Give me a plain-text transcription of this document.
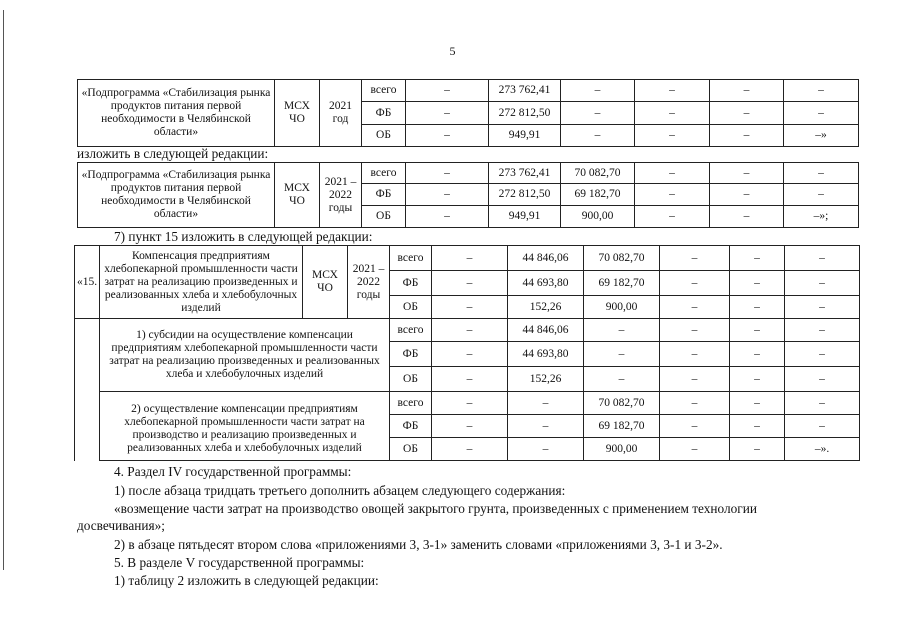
5
«Подпрограмма «Стабилизация рынка продуктов питания первой необходимости в Челябинской области»	МСХ ЧО	2021 год	всего	–	273 762,41	–	–	–	–
			ФБ	–	272 812,50	–	–	–	–
			ОБ	–	949,91	–	–	–	–»
изложить в следующей редакции:
«Подпрограмма «Стабилизация рынка продуктов питания первой необходимости в Челябинской области»	МСХ ЧО	2021 – 2022 годы	всего	–	273 762,41	70 082,70	–	–	–
			ФБ	–	272 812,50	69 182,70	–	–	–
			ОБ	–	949,91	900,00	–	–	–»;
7) пункт 15 изложить в следующей редакции:
«15.	Компенсация предприятиям хлебопекарной промышленности части затрат на реализацию произведенных и реализованных хлеба и хлебобулочных изделий	МСХ ЧО	2021 – 2022 годы	всего	–	44 846,06	70 082,70	–	–	–
				ФБ	–	44 693,80	69 182,70	–	–	–
				ОБ	–	152,26	900,00	–	–	–
	1) субсидии на осуществление компенсации предприятиям хлебопекарной промышленности части затрат на реализацию произведенных и реализованных хлеба и хлебобулочных изделий			всего	–	44 846,06	–	–	–	–
				ФБ	–	44 693,80	–	–	–	–
				ОБ	–	152,26	–	–	–	–
	2) осуществление компенсации предприятиям хлебопекарной промышленности части затрат на производство и реализацию произведенных и реализованных хлеба и хлебобулочных изделий			всего	–	–	70 082,70	–	–	–
				ФБ	–	–	69 182,70	–	–	–
				ОБ	–	–	900,00	–	–	–».
4. Раздел IV государственной программы:
1) после абзаца тридцать третьего дополнить абзацем следующего содержания:
«возмещение части затрат на производство овощей закрытого грунта, произведенных с применением технологии
досвечивания»;
2) в абзаце пятьдесят втором слова «приложениями 3, 3-1» заменить словами «приложениями 3, 3-1 и 3-2».
5. В разделе V государственной программы:
1) таблицу 2 изложить в следующей редакции:
